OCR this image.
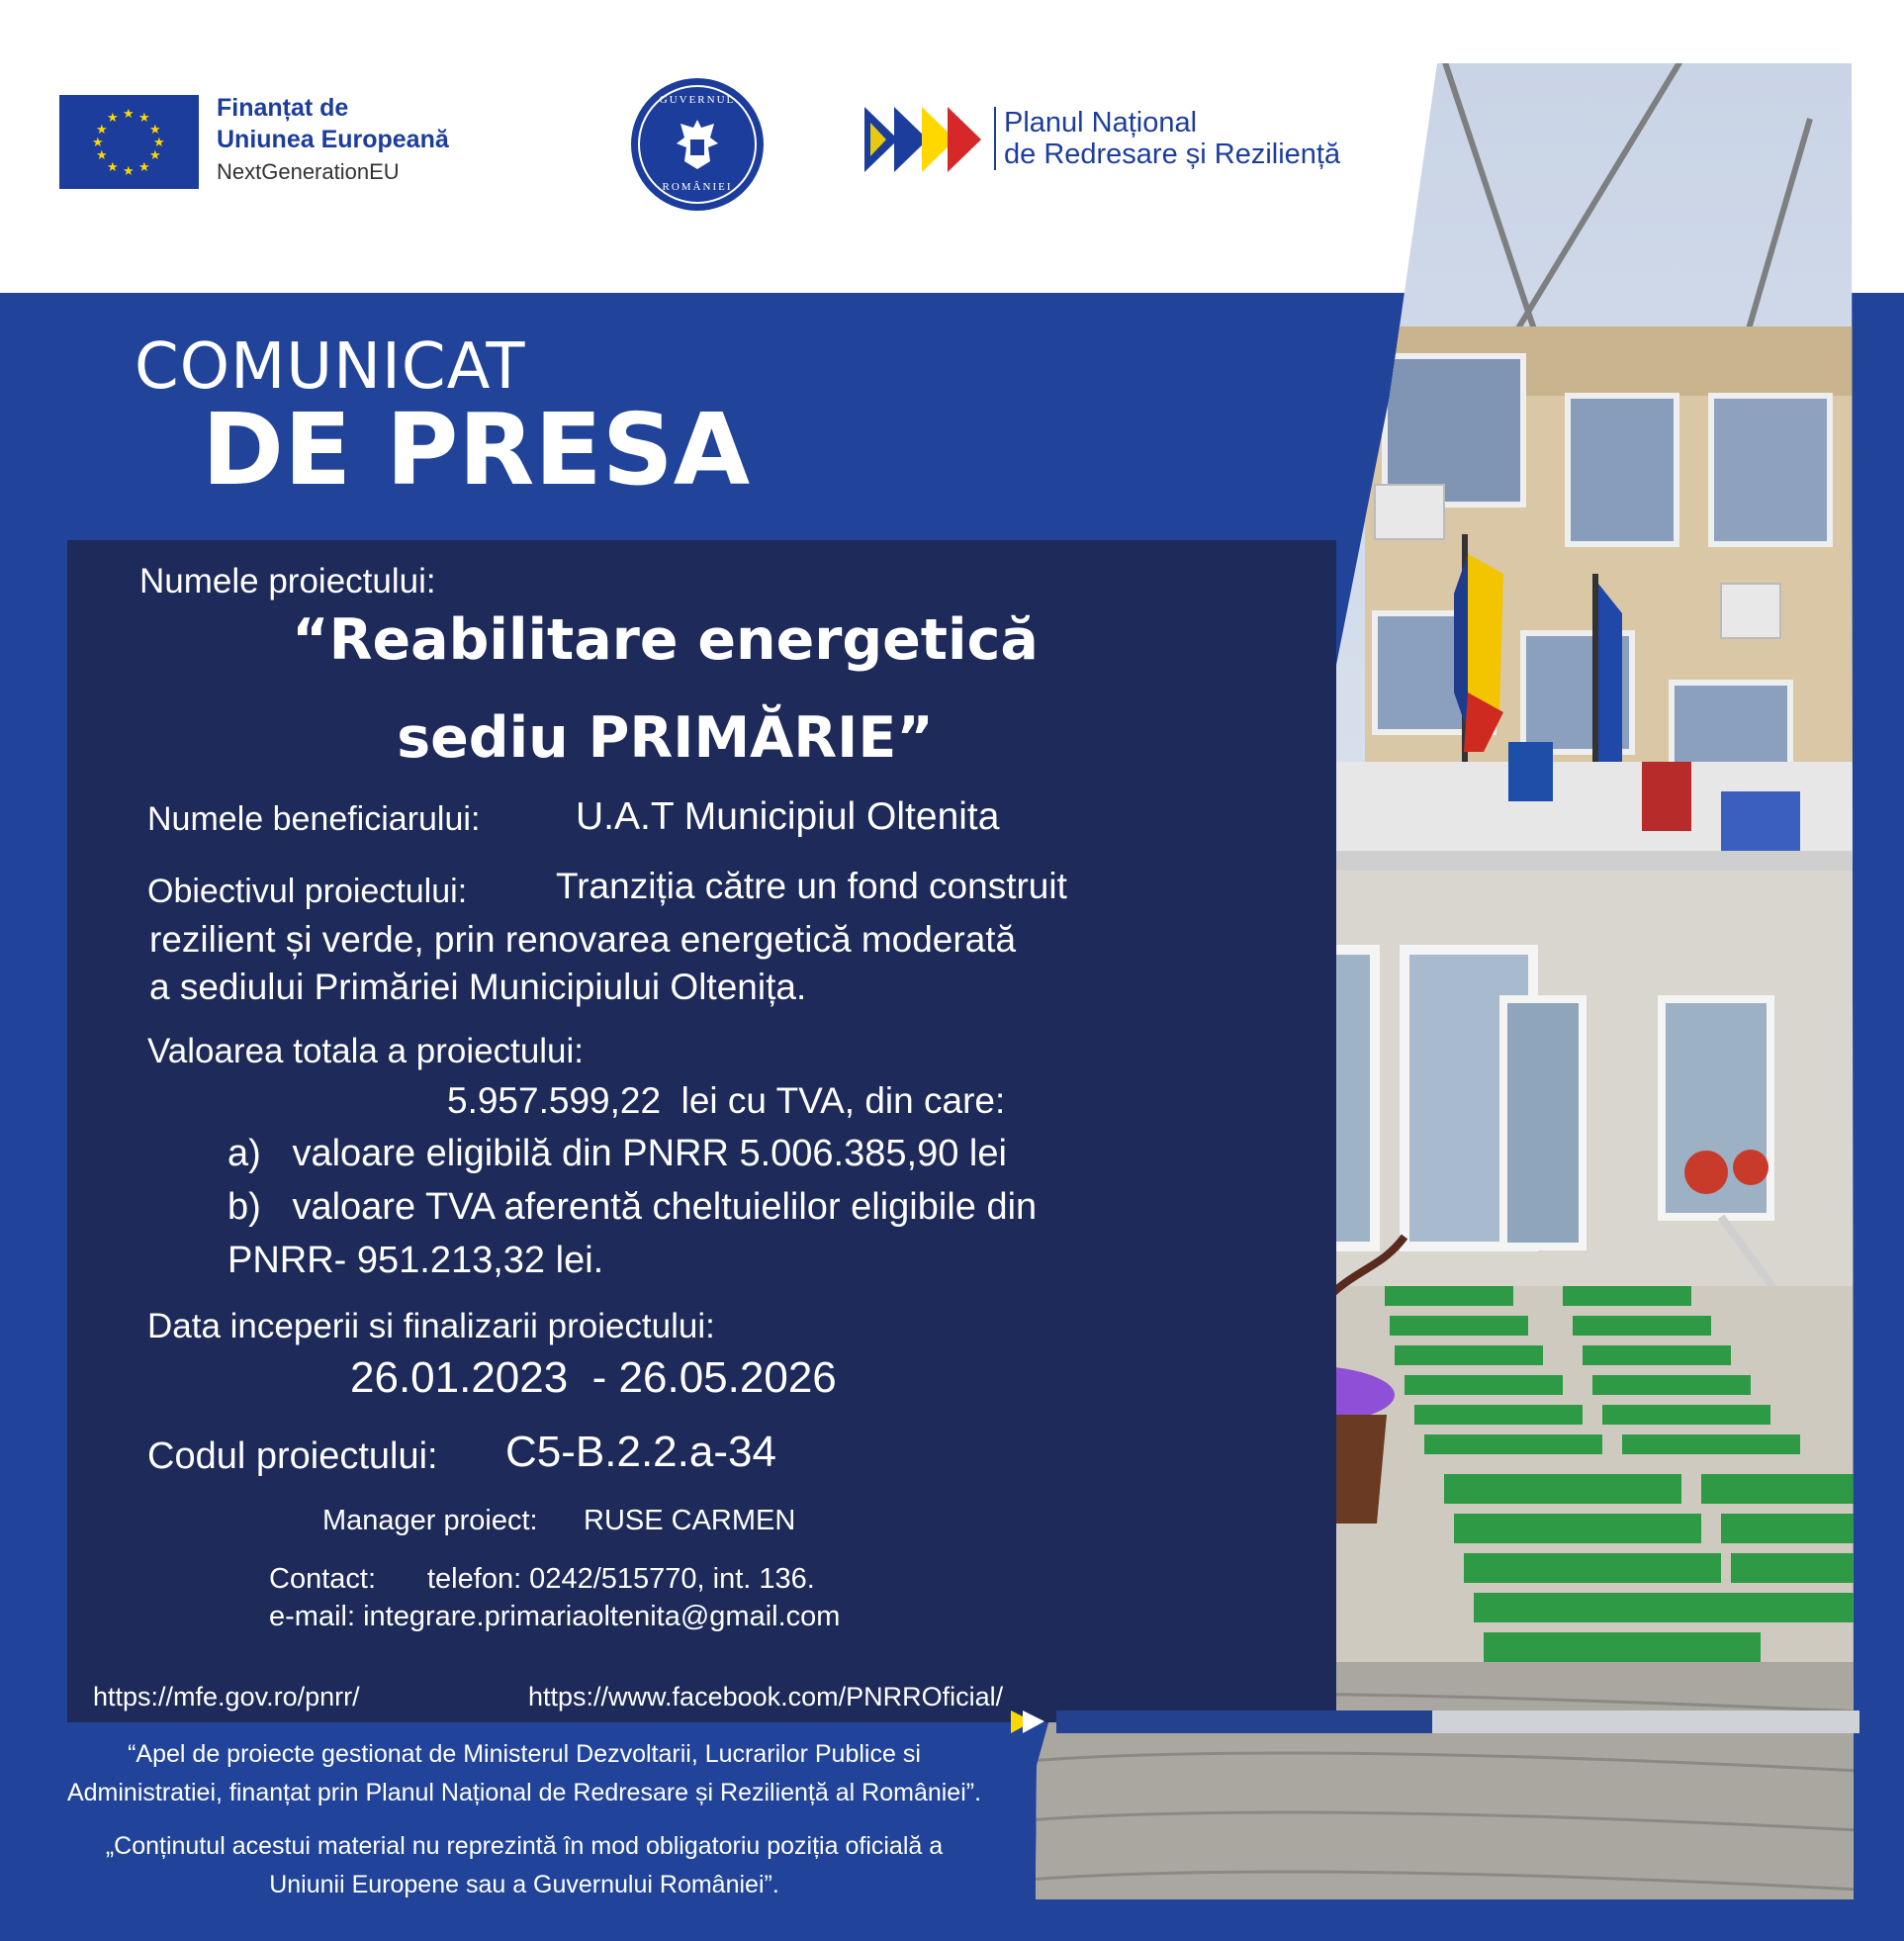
★ ★
★
★
★
★
★
★
★
★
★
★	Finanțat de
Uniunea Europeană
NextGenerationEU
GUVERNUL
ROMÂNIEI
Planul Național
de Redresare și Reziliență
COMUNICAT
DE PRESA
Numele proiectului:
“Reabilitare energetică
sediu PRIMĂRIE”
Numele beneficiarului: U.A.T Municipiul Oltenita
Obiectivul proiectului: Tranziția către un fond construit
rezilient și verde, prin renovarea energetică moderată
a sediului Primăriei Municipiului Oltenița.
Valoarea totala a proiectului:
5.957.599,22  lei cu TVA, din care:
a)   valoare eligibilă din PNRR 5.006.385,90 lei
b)   valoare TVA aferentă cheltuielilor eligibile din
PNRR- 951.213,32 lei.
Data inceperii si finalizarii proiectului:
26.01.2023  - 26.05.2026
Codul proiectului: C5-B.2.2.a-34
Manager proiect: RUSE CARMEN
Contact: telefon: 0242/515770, int. 136.
e-mail: integrare.primariaoltenita@gmail.com
https://mfe.gov.ro/pnrr/	https://www.facebook.com/PNRROficial/
“Apel de proiecte gestionat de Ministerul Dezvoltarii, Lucrarilor Publice si
Administratiei, finanțat prin Planul Național de Redresare și Reziliență al României”.
„Conținutul acestui material nu reprezintă în mod obligatoriu poziția oficială a
Uniunii Europene sau a Guvernului României”.
